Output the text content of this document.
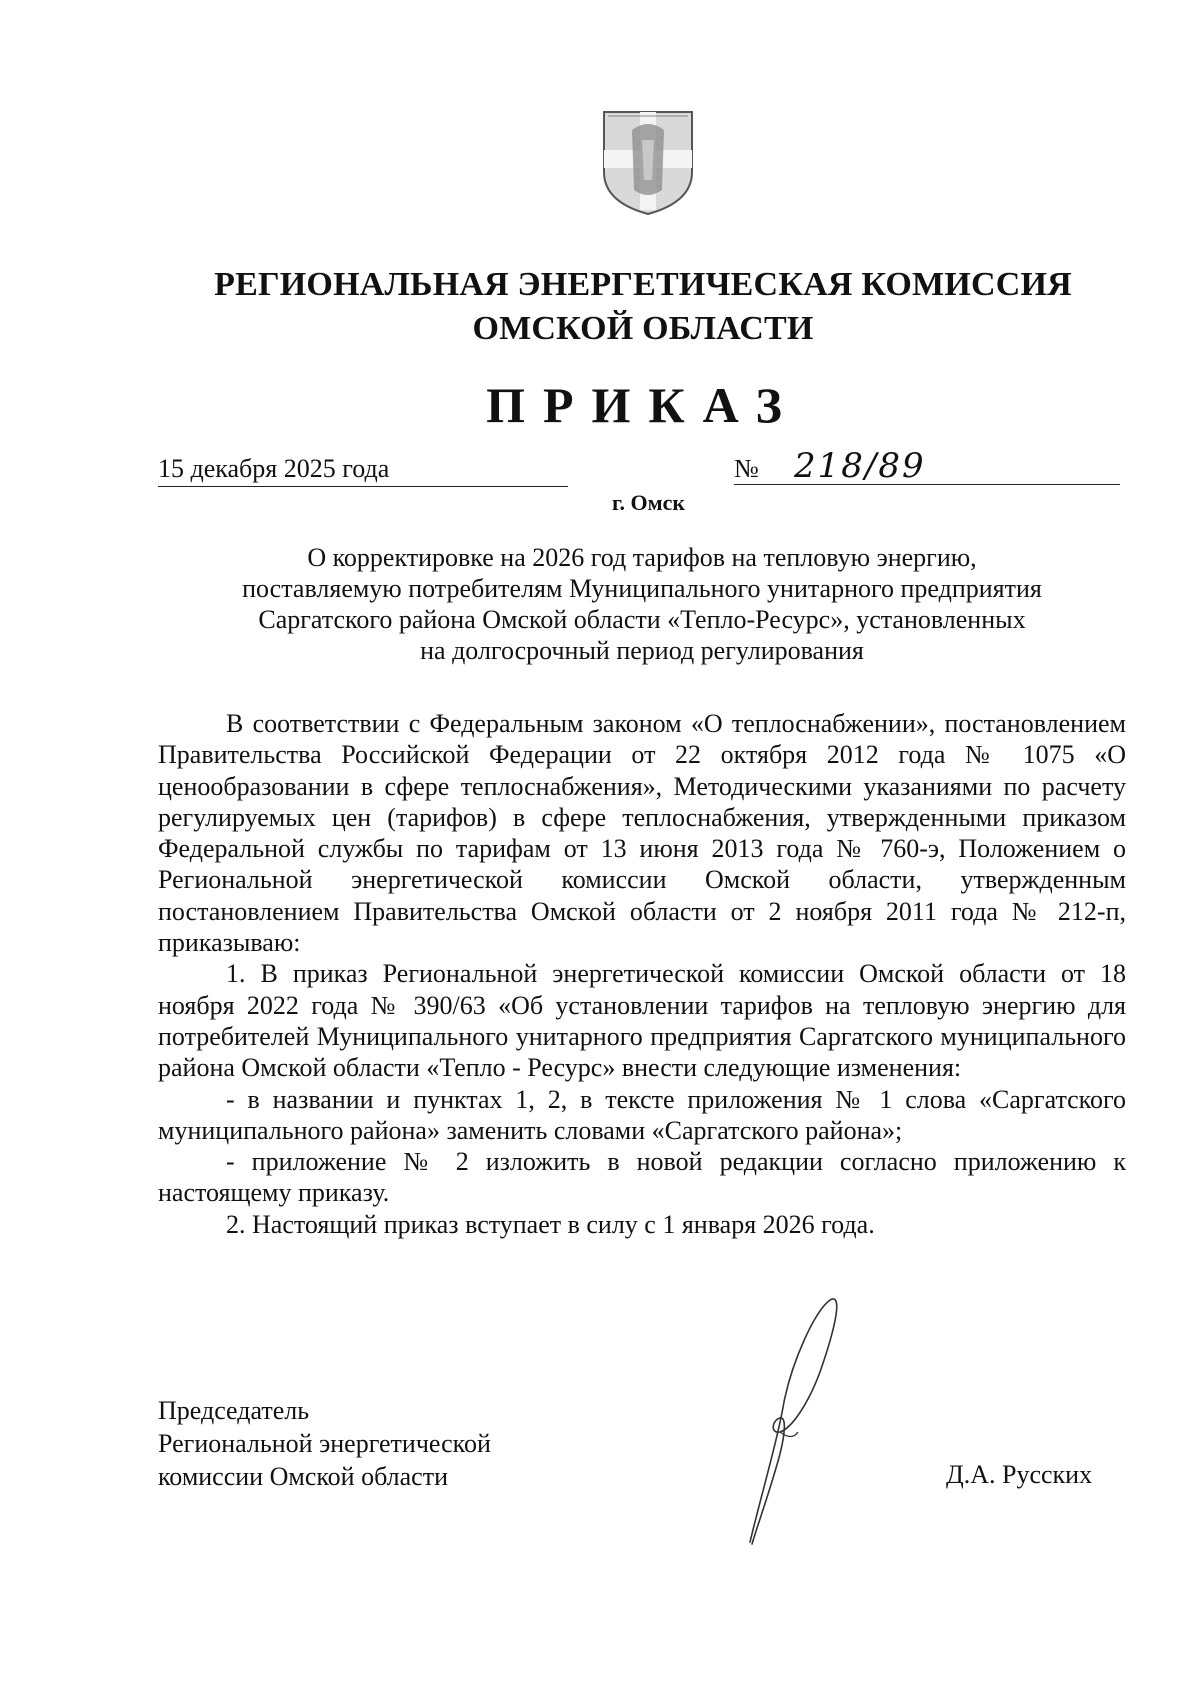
РЕГИОНАЛЬНАЯ ЭНЕРГЕТИЧЕСКАЯ КОМИССИЯ
ОМСКОЙ ОБЛАСТИ
ПРИКАЗ
15 декабря 2025 года	№ 218/89
г. Омск
О корректировке на 2026 год тарифов на тепловую энергию,
поставляемую потребителям Муниципального унитарного предприятия
Саргатского района Омской области «Тепло-Ресурс», установленных
на долгосрочный период регулирования

В соответствии с Федеральным законом «О теплоснабжении», постановлением Правительства Российской Федерации от 22 октября 2012 года № 1075 «О ценообразовании в сфере теплоснабжения», Методическими указаниями по расчету регулируемых цен (тарифов) в сфере теплоснабжения, утвержденными приказом Федеральной службы по тарифам от 13 июня 2013 года № 760-э, Положением о Региональной энергетической комиссии Омской области, утвержденным постановлением Правительства Омской области от 2 ноября 2011 года № 212-п, приказываю:

1. В приказ Региональной энергетической комиссии Омской области от 18 ноября 2022 года № 390/63 «Об установлении тарифов на тепловую энергию для потребителей Муниципального унитарного предприятия Саргатского муниципального района Омской области «Тепло - Ресурс» внести следующие изменения:

- в названии и пунктах 1, 2, в тексте приложения № 1 слова «Саргатского муниципального района» заменить словами «Саргатского района»;

- приложение № 2 изложить в новой редакции согласно приложению к настоящему приказу.

2. Настоящий приказ вступает в силу с 1 января 2026 года.

Председатель
Региональной энергетической
комиссии Омской области	Д.А. Русских
